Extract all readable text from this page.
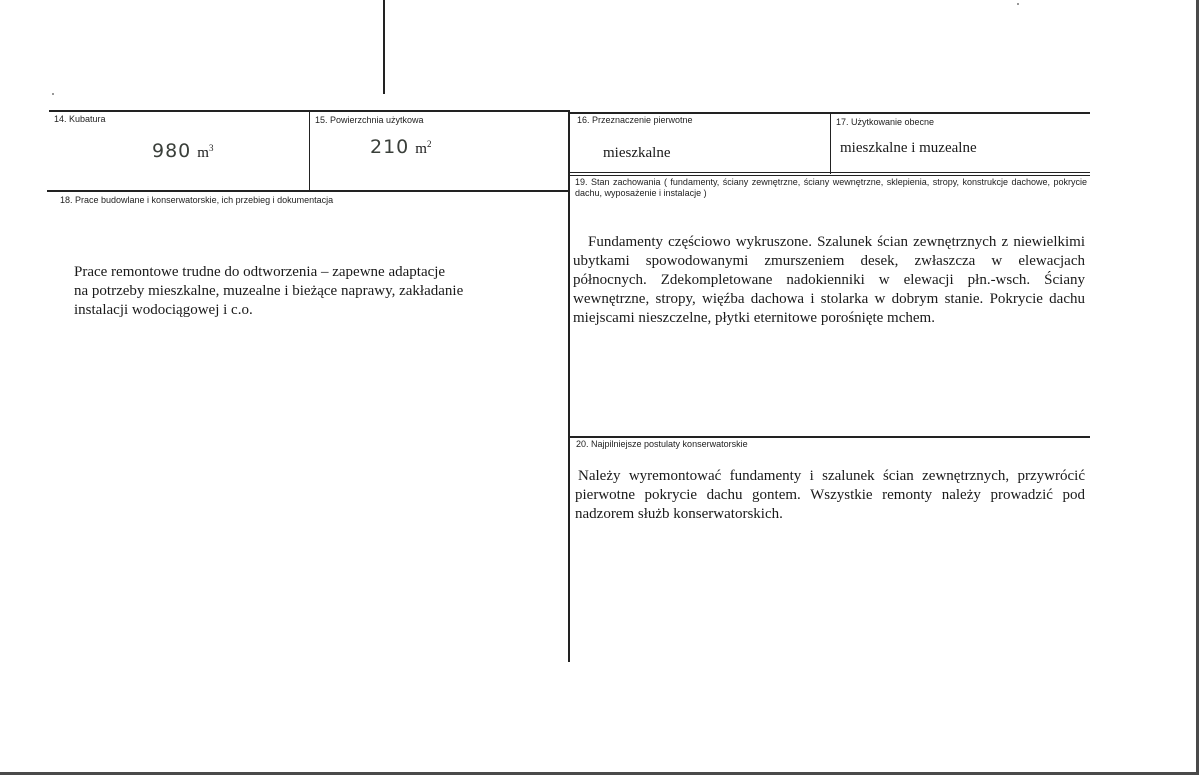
14. Kubatura
980 $m^3$
15. Powierzchnia użytkowa
210 $m^2$
16. Przeznaczenie pierwotne
mieszkalne
17. Użytkowanie obecne
mieszkalne i muzealne
18. Prace budowlane i konserwatorskie, ich przebieg i dokumentacja
Prace remontowe trudne do odtworzenia – zapewne adaptacje
na potrzeby mieszkalne, muzealne i bieżące naprawy, zakładanie
instalacji wodociągowej i c.o.
19. Stan zachowania ( fundamenty, ściany zewnętrzne, ściany wewnętrzne, sklepienia, stropy, konstrukcje dachowe, pokrycie dachu, wyposażenie i instalacje )
Fundamenty częściowo wykruszone. Szalunek ścian zewnętrznych z niewielkimi ubytkami spowodowanymi zmurszeniem desek, zwłaszcza w elewacjach północnych. Zdekompletowane nadokienniki w elewacji płn.-wsch. Ściany wewnętrzne, stropy, więźba dachowa i stolarka w dobrym stanie. Pokrycie dachu miejscami nieszczelne, płytki eternitowe porośnięte mchem.
20. Najpilniejsze postulaty konserwatorskie
Należy wyremontować fundamenty i szalunek ścian zewnętrznych, przywrócić pierwotne pokrycie dachu gontem. Wszystkie remonty należy prowadzić pod nadzorem służb konserwatorskich.
